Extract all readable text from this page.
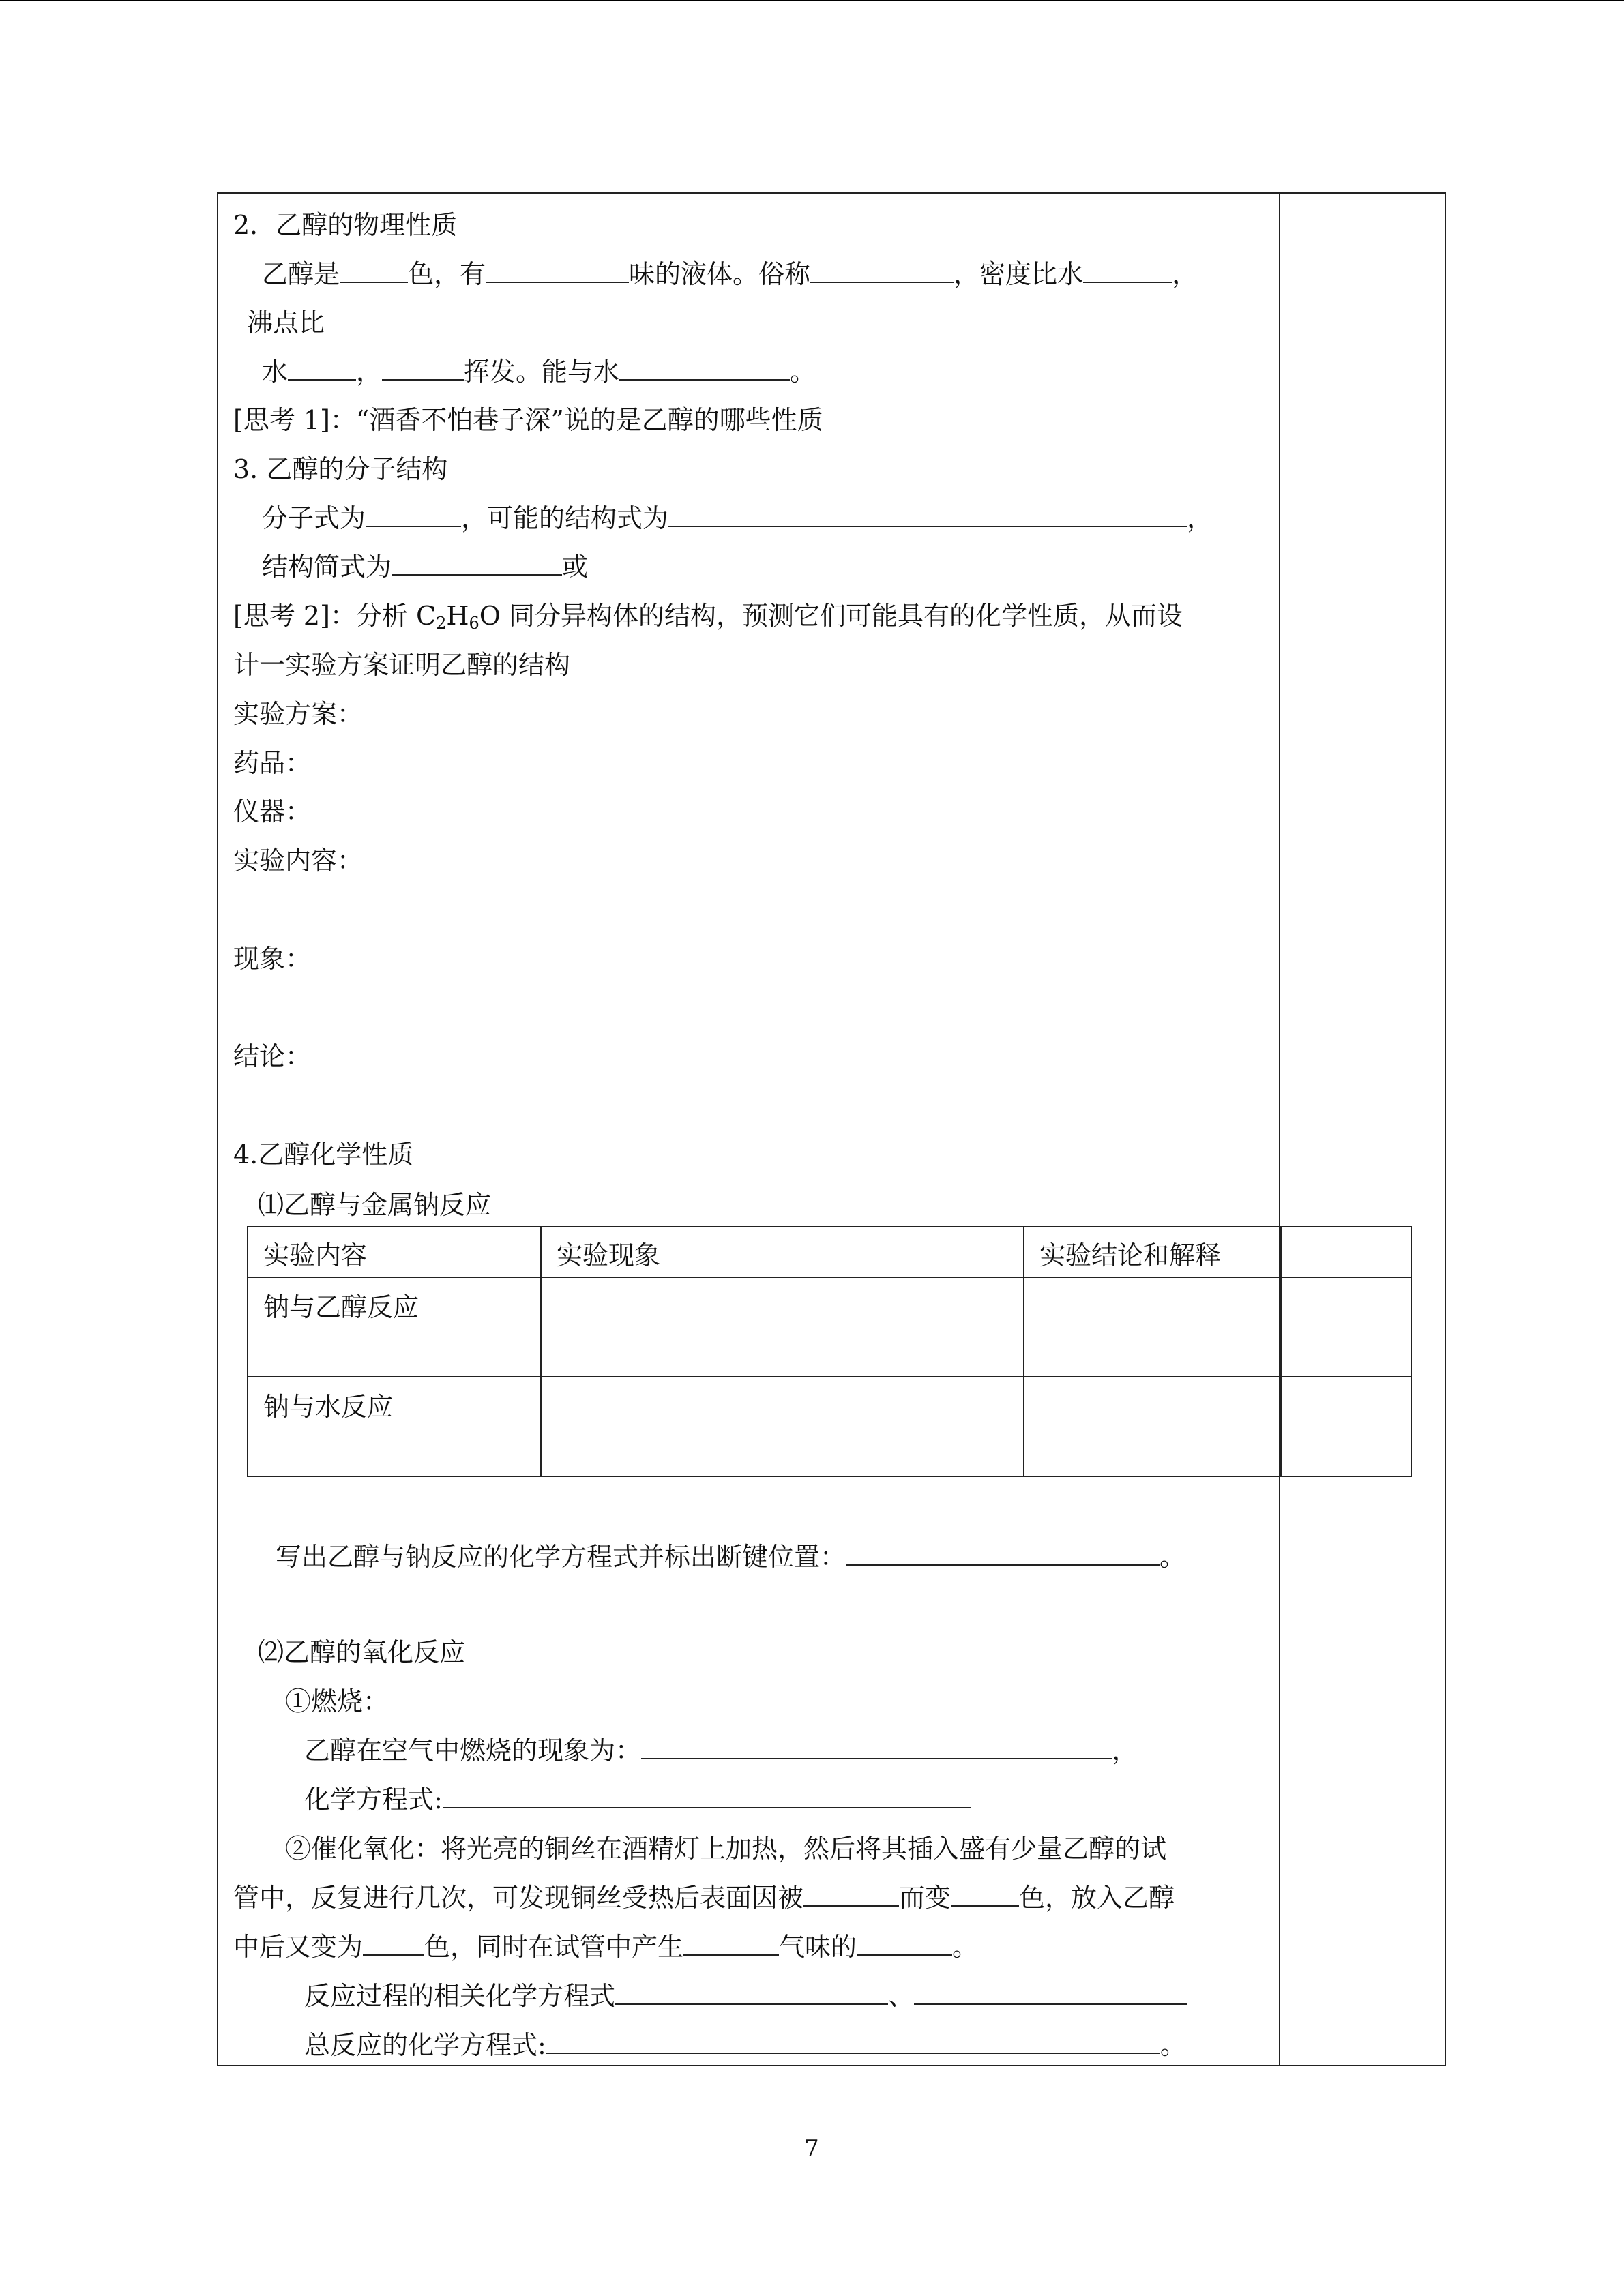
2．乙醇的物理性质
乙醇是	色，有	味的液体。俗称	，密度比水	，
沸点比
水	，	挥发。能与水	。
[思考 1]：“酒香不怕巷子深”说的是乙醇的哪些性质
3. 乙醇的分子结构
分子式为	，可能的结构式为	，
结构简式为	或
[思考 2]：分析 $C_2H_6O$ 同分异构体的结构，预测它们可能具有的化学性质，从而设
计一实验方案证明乙醇的结构
实验方案：
药品：
仪器：
实验内容：
现象：
结论：
4.乙醇化学性质
⑴乙醇与金属钠反应
实验内容	实验现象	实验结论和解释	
钠与乙醇反应			
钠与水反应			
写出乙醇与钠反应的化学方程式并标出断键位置：	。
⑵乙醇的氧化反应
①燃烧：
乙醇在空气中燃烧的现象为：	，
化学方程式:
②催化氧化：将光亮的铜丝在酒精灯上加热，然后将其插入盛有少量乙醇的试
管中，反复进行几次，可发现铜丝受热后表面因被	而变	色，放入乙醇
中后又变为 色，同时在试管中产生	气味的	。
反应过程的相关化学方程式	、
总反应的化学方程式:	。
7
